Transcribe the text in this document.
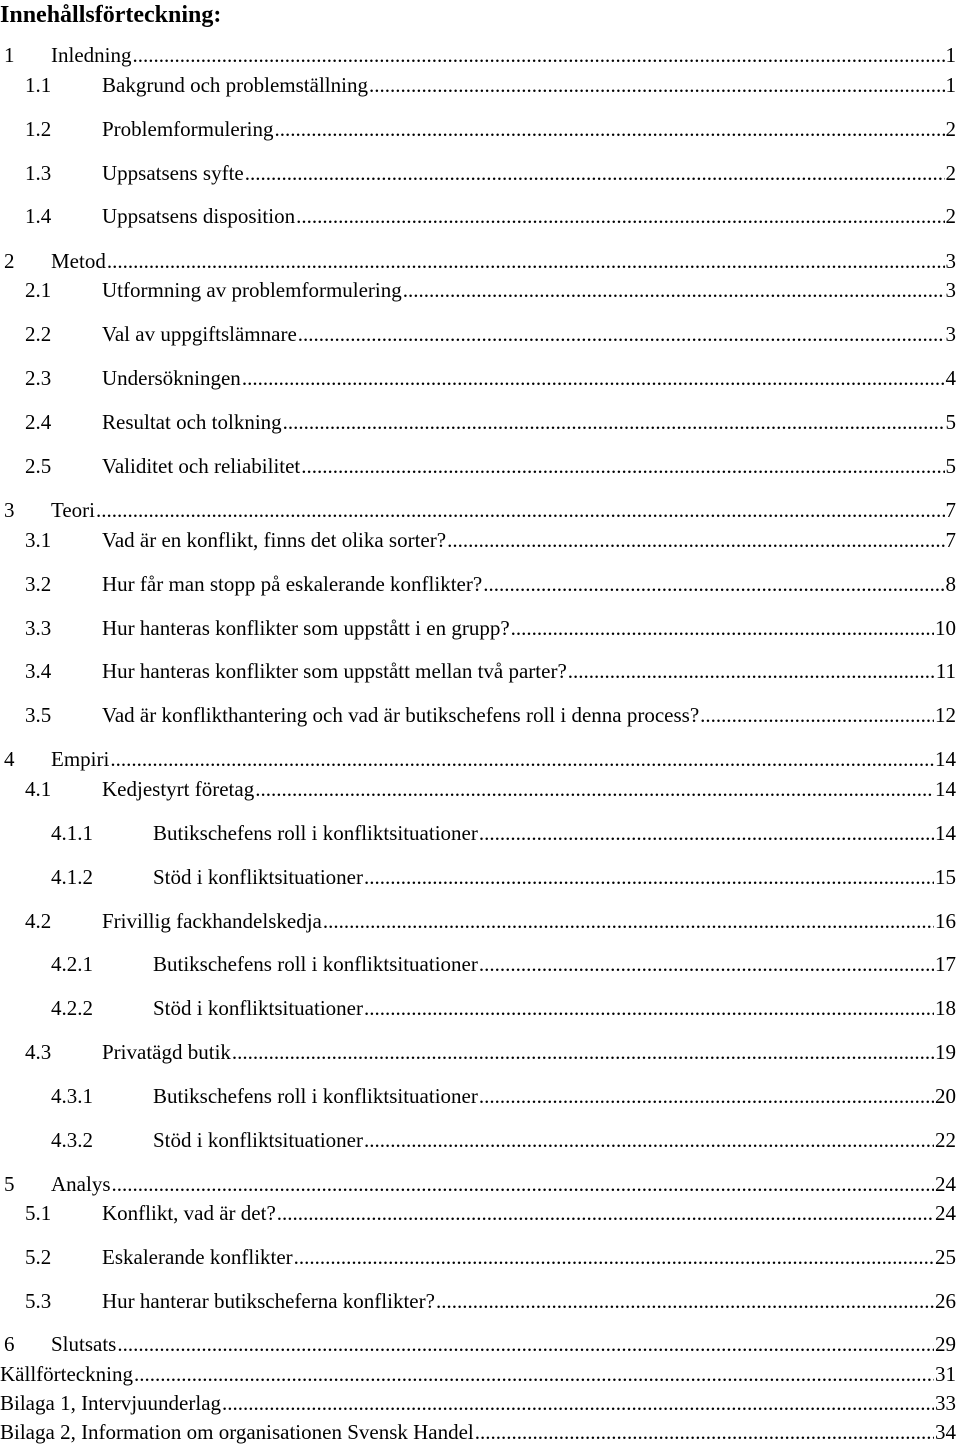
Innehållsförteckning:
1	Inledning .....	1
1.1	Bakgrund och problemställning .....	1
1.2	Problemformulering .....	2
1.3	Uppsatsens syfte .....	2
1.4	Uppsatsens disposition .....	2
2	Metod .....	3
2.1	Utformning av problemformulering .....	3
2.2	Val av uppgiftslämnare .....	3
2.3	Undersökningen .....	4
2.4	Resultat och tolkning .....	5
2.5	Validitet och reliabilitet .....	5
3	Teori .....	7
3.1	Vad är en konflikt, finns det olika sorter? .....	7
3.2	Hur får man stopp på eskalerande konflikter? .....	8
3.3	Hur hanteras konflikter som uppstått i en grupp? .....	10
3.4	Hur hanteras konflikter som uppstått mellan två parter? .....	11
3.5	Vad är konflikthantering och vad är butikschefens roll i denna process? .....	12
4	Empiri .....	14
4.1	Kedjestyrt företag .....	14
4.1.1	Butikschefens roll i konfliktsituationer .....	14
4.1.2	Stöd i konfliktsituationer .....	15
4.2	Frivillig fackhandelskedja .....	16
4.2.1	Butikschefens roll i konfliktsituationer .....	17
4.2.2	Stöd i konfliktsituationer .....	18
4.3	Privatägd butik .....	19
4.3.1	Butikschefens roll i konfliktsituationer .....	20
4.3.2	Stöd i konfliktsituationer .....	22
5	Analys .....	24
5.1	Konflikt, vad är det? .....	24
5.2	Eskalerande konflikter .....	25
5.3	Hur hanterar butikscheferna konflikter? .....	26
6	Slutsats .....	29
Källförteckning .....	31
Bilaga 1, Intervjuunderlag .....	33
Bilaga 2, Information om organisationen Svensk Handel .....	34
